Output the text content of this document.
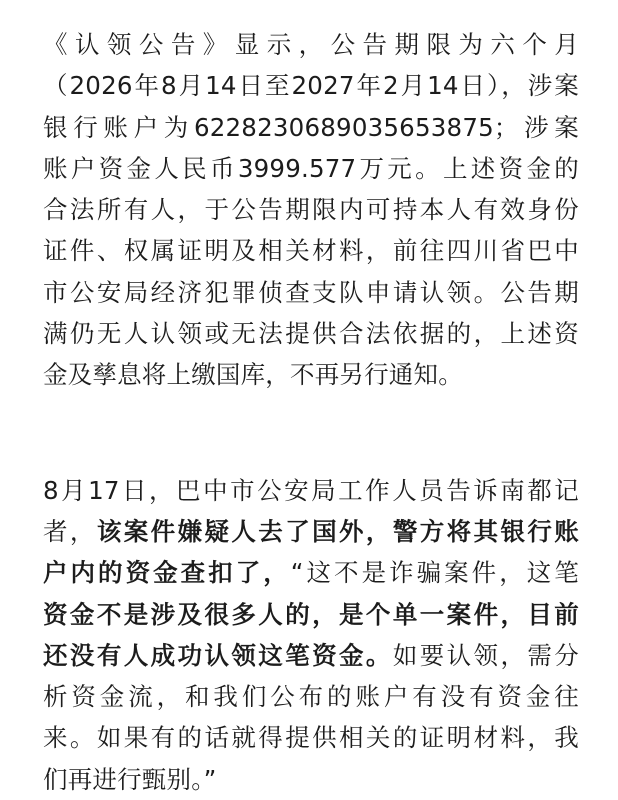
《认领公告》显示，公告期限为六个月
（2026年8月14日至2027年2月14日），涉案
银行账户为6228230689035653875；涉案
账户资金人民币3999.577万元。上述资金的
合法所有人，于公告期限内可持本人有效身份
证件、权属证明及相关材料，前往四川省巴中
市公安局经济犯罪侦查支队申请认领。公告期
满仍无人认领或无法提供合法依据的，上述资
金及孳息将上缴国库，不再另行通知。
8月17日，巴中市公安局工作人员告诉南都记
者，该案件嫌疑人去了国外，警方将其银行账
户内的资金查扣了，“这不是诈骗案件，这笔
资金不是涉及很多人的，是个单一案件，目前
还没有人成功认领这笔资金。如要认领，需分
析资金流，和我们公布的账户有没有资金往
来。如果有的话就得提供相关的证明材料，我
们再进行甄别。”
